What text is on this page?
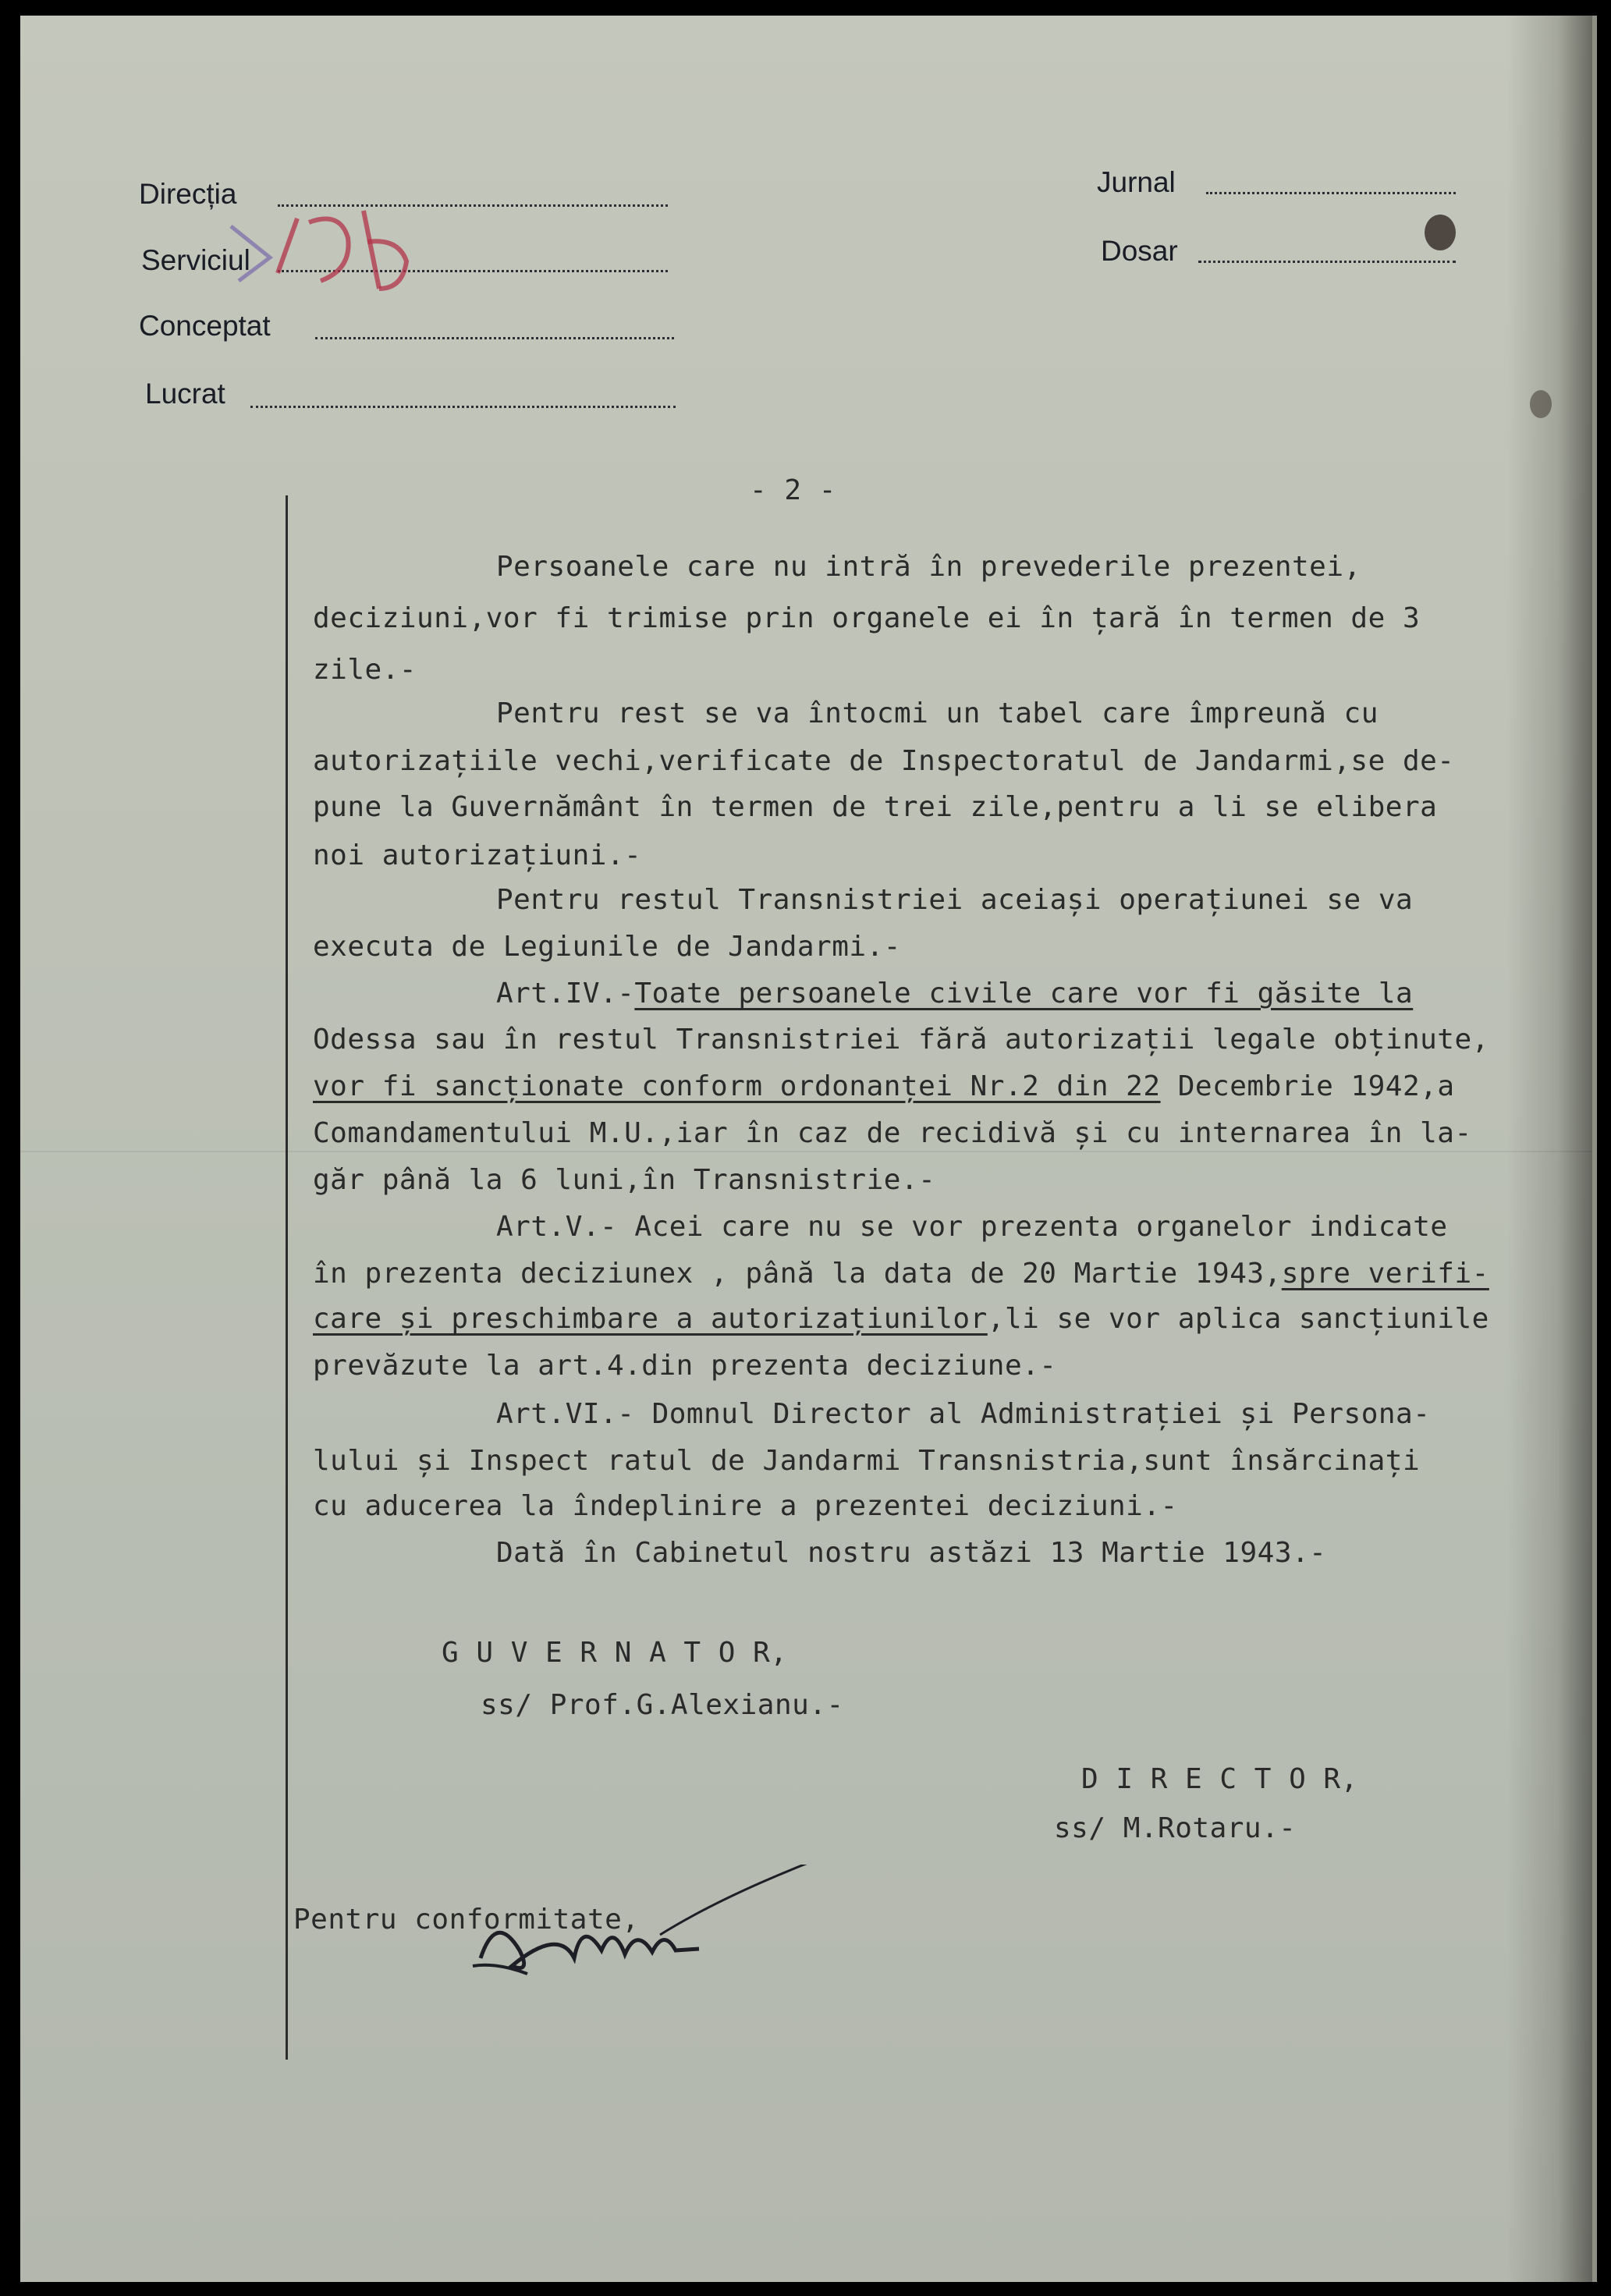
Direcția
Serviciul
Conceptat
Lucrat
Jurnal
Dosar
- 2 -
Persoanele care nu intră în prevederile prezentei,
deciziuni,vor fi trimise prin organele ei în țară în termen de 3
zile.-
Pentru rest se va întocmi un tabel care împreună cu
autorizațiile vechi,verificate de Inspectoratul de Jandarmi,se de-
pune la Guvernământ în termen de trei zile,pentru a li se elibera
noi autorizațiuni.-
Pentru restul Transnistriei aceiași operațiunei se va
executa de Legiunile de Jandarmi.-
Art.IV.-Toate persoanele civile care vor fi găsite la
Odessa sau în restul Transnistriei fără autorizații legale obținute,
vor fi sancționate conform ordonanței Nr.2 din 22 Decembrie 1942,a
Comandamentului M.U.,iar în caz de recidivă și cu internarea în la-
găr până la 6 luni,în Transnistrie.-
Art.V.- Acei care nu se vor prezenta organelor indicate
în prezenta deciziunex , până la data de 20 Martie 1943,spre verifi-
care și preschimbare a autorizațiunilor,li se vor aplica sancțiunile
prevăzute la art.4.din prezenta deciziune.-
Art.VI.- Domnul Director al Administrației și Persona-
lului și Inspect ratul de Jandarmi Transnistria,sunt însărcinați
cu aducerea la îndeplinire a prezentei deciziuni.-
Dată în Cabinetul nostru astăzi 13 Martie 1943.-
G U V E R N A T O R,
ss/ Prof.G.Alexianu.-
D I R E C T O R,
ss/ M.Rotaru.-
Pentru conformitate,
